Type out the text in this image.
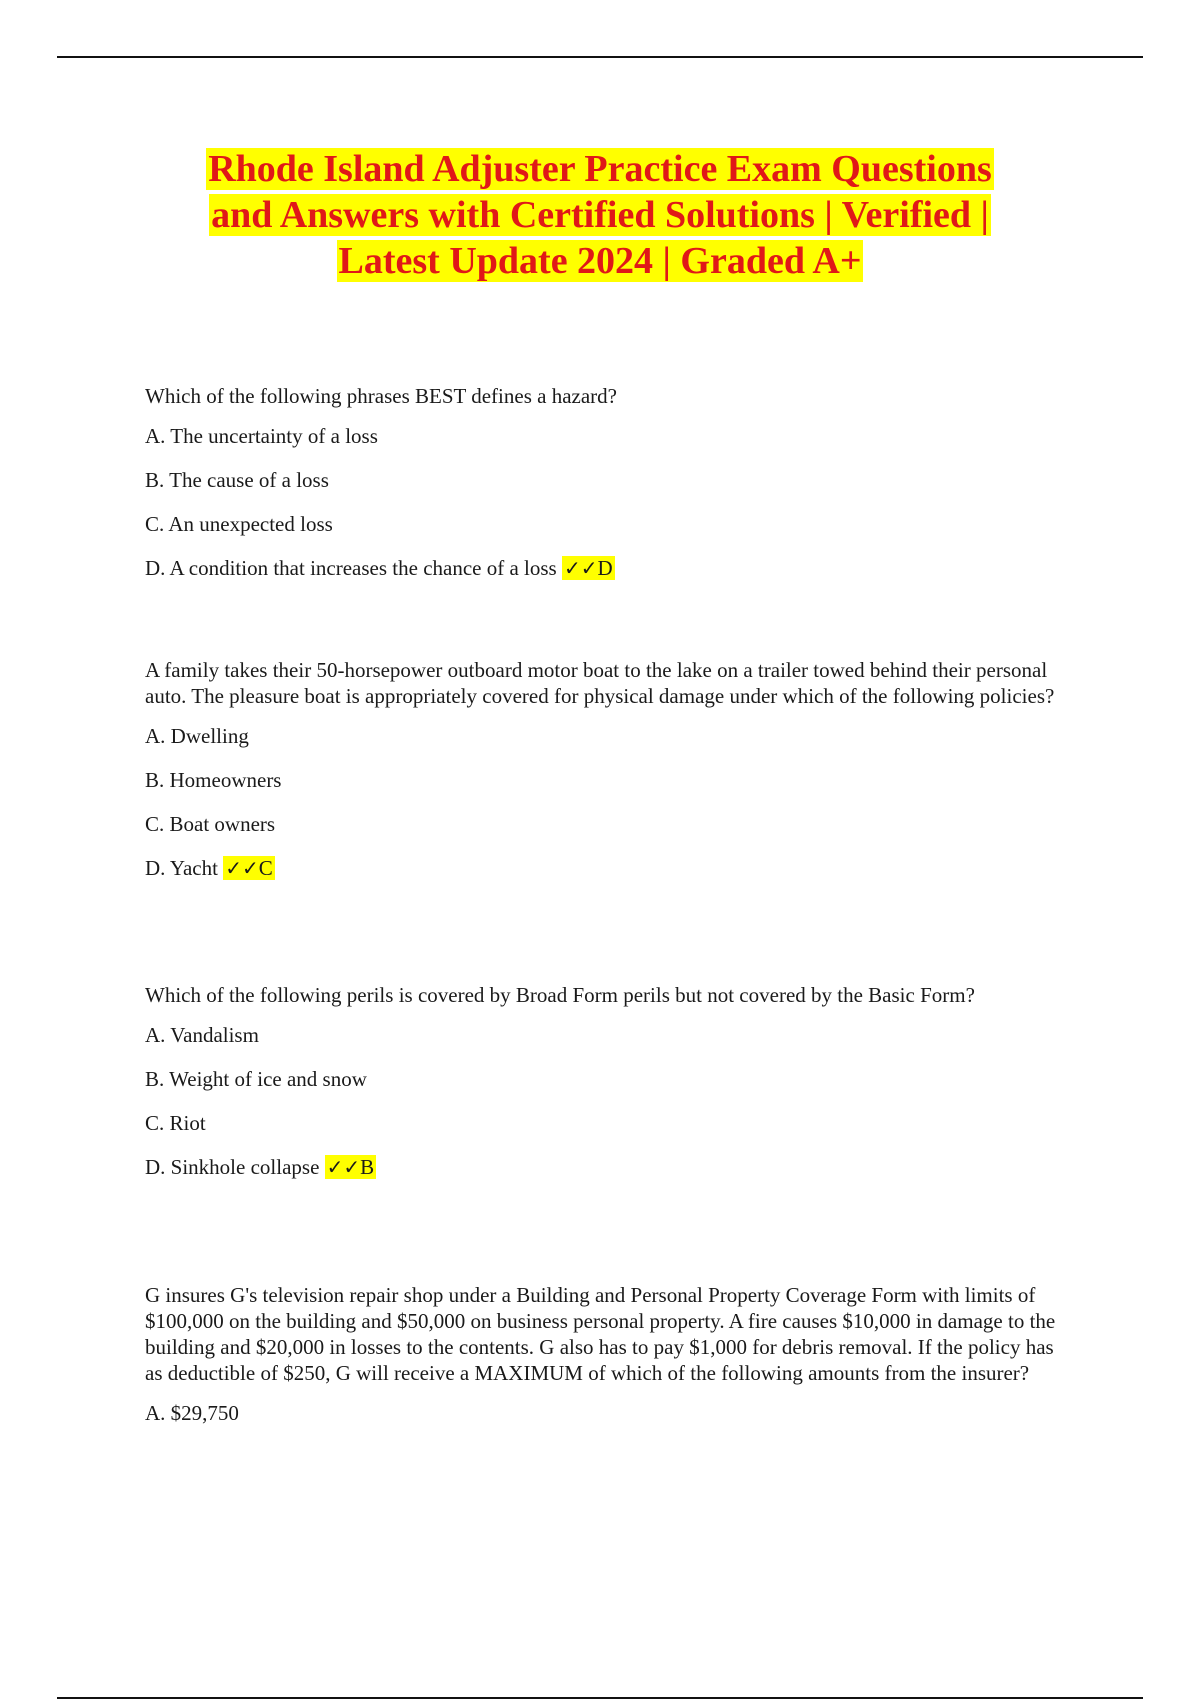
Rhode Island Adjuster Practice Exam Questions
and Answers with Certified Solutions | Verified |
Latest Update 2024 | Graded A+

Which of the following phrases BEST defines a hazard?

A. The uncertainty of a loss

B. The cause of a loss

C. An unexpected loss

D. A condition that increases the chance of a loss ✓✓D

A family takes their 50-horsepower outboard motor boat to the lake on a trailer towed behind their personal auto. The pleasure boat is appropriately covered for physical damage under which of the following policies?

A. Dwelling

B. Homeowners

C. Boat owners

D. Yacht ✓✓C

Which of the following perils is covered by Broad Form perils but not covered by the Basic Form?

A. Vandalism

B. Weight of ice and snow

C. Riot

D. Sinkhole collapse ✓✓B

G insures G's television repair shop under a Building and Personal Property Coverage Form with limits of $100,000 on the building and $50,000 on business personal property. A fire causes $10,000 in damage to the building and $20,000 in losses to the contents. G also has to pay $1,000 for debris removal. If the policy has as deductible of $250, G will receive a MAXIMUM of which of the following amounts from the insurer?

A. $29,750
